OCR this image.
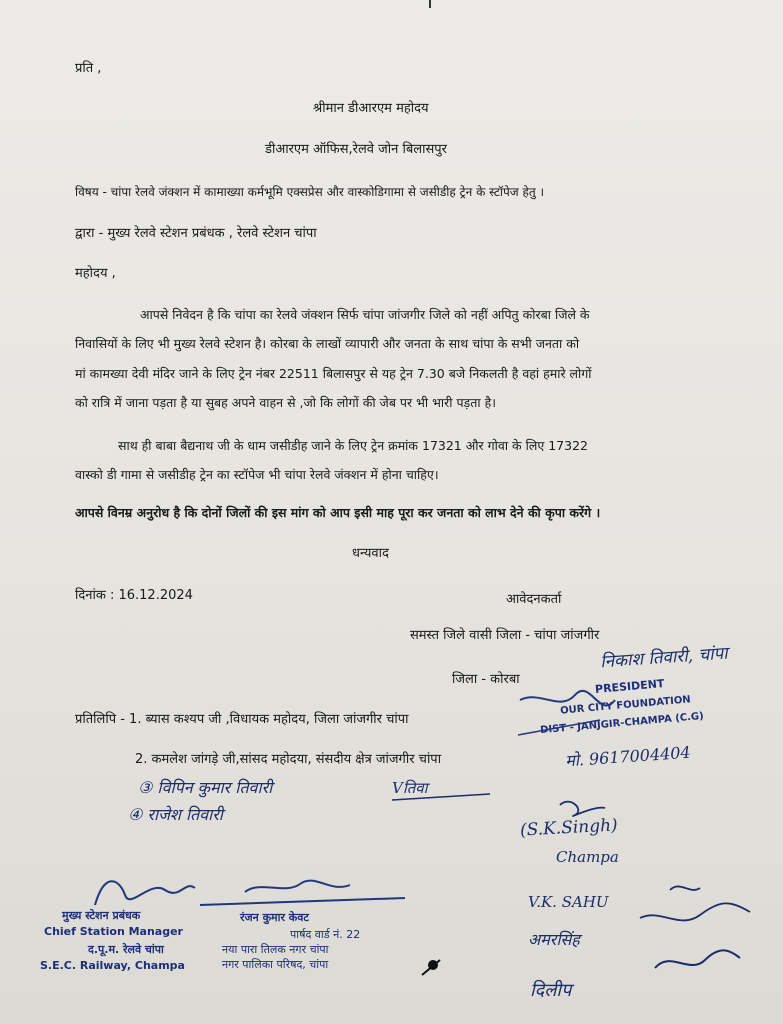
प्रति ,
श्रीमान डीआरएम महोदय
डीआरएम ऑफिस,रेलवे जोन बिलासपुर
विषय - चांपा रेलवे जंक्शन में कामाख्या कर्मभूमि एक्सप्रेस और वास्कोडिगामा से जसीडीह ट्रेन के स्टॉपेज हेतु ।
द्वारा - मुख्य रेलवे स्टेशन प्रबंधक , रेलवे स्टेशन चांपा
महोदय ,
आपसे निवेदन है कि चांपा का रेलवे जंक्शन सिर्फ चांपा जांजगीर जिले को नहीं अपितु कोरबा जिले के
निवासियों के लिए भी मुख्य रेलवे स्टेशन है। कोरबा के लाखों व्यापारी और जनता के साथ चांपा के सभी जनता को
मां कामख्या देवी मंदिर जाने के लिए ट्रेन नंबर 22511 बिलासपुर से यह ट्रेन 7.30 बजे निकलती है वहां हमारे लोगों
को रात्रि में जाना पड़ता है या सुबह अपने वाहन से ,जो कि लोगों की जेब पर भी भारी पड़ता है।
साथ ही बाबा बैद्यनाथ जी के धाम जसीडीह जाने के लिए ट्रेन क्रमांक 17321 और गोवा के लिए 17322
वास्को डी गामा से जसीडीह ट्रेन का स्टॉपेज भी चांपा रेलवे जंक्शन में होना चाहिए।
आपसे विनम्र अनुरोध है कि दोनों जिलों की इस मांग को आप इसी माह पूरा कर जनता को लाभ देने की कृपा करेंगे ।
धन्यवाद
दिनांक : 16.12.2024	आवेदनकर्ता
समस्त जिले वासी जिला - चांपा जांजगीर
जिला - कोरबा
प्रतिलिपि - 1. ब्यास कश्यप जी ,विधायक महोदय, जिला जांजगीर चांपा
2. कमलेश जांगड़े जी,सांसद महोदया, संसदीय क्षेत्र जांजगीर चांपा
निकाश तिवारी, चांपा
③ विपिन कुमार तिवारी	Vतिवा
④ राजेश तिवारी
मो. 9617004404
(S.K.Singh)
Champa
V.K. SAHU
अमरसिंह
दिलीप
PRESIDENT
OUR CITY FOUNDATION
DIST - JANJGIR-CHAMPA (C.G)
मुख्य स्टेशन प्रबंधक
Chief Station Manager
द.पू.म. रेलवे चांपा
S.E.C. Railway, Champa
रंजन कुमार केवट
पार्षद वार्ड नं. 22
नया पारा तिलक नगर चांपा
नगर पालिका परिषद, चांपा
